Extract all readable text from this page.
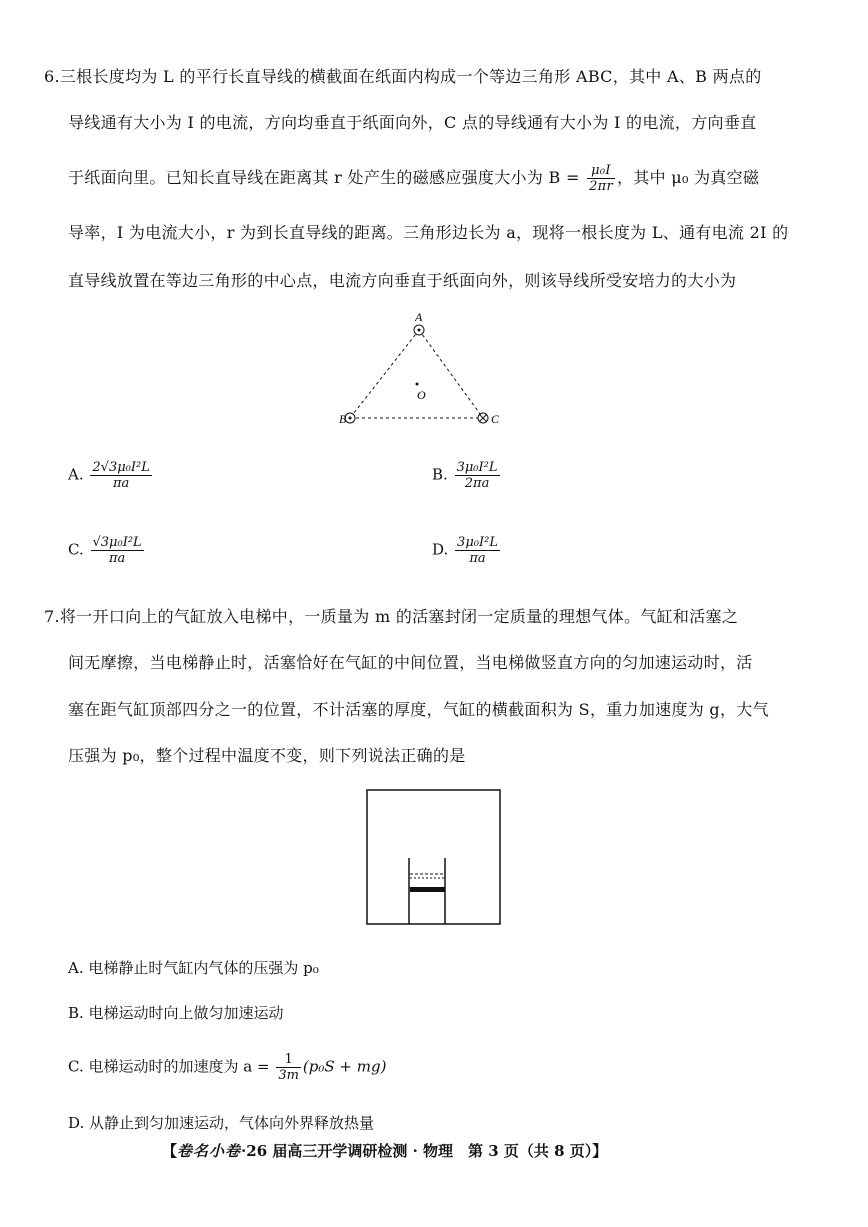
6.三根长度均为 L 的平行长直导线的横截面在纸面内构成一个等边三角形 ABC，其中 A、B 两点的
导线通有大小为 I 的电流，方向均垂直于纸面向外，C 点的导线通有大小为 I 的电流，方向垂直
于纸面向里。已知长直导线在距离其 r 处产生的磁感应强度大小为 $B = \frac{\text{μ₀I}}{2\pi r}$ ，其中 μ₀ 为真空磁
导率，I 为电流大小，r 为到长直导线的距离。三角形边长为 a，现将一根长度为 L、通有电流 2I 的
直导线放置在等边三角形的中心点，电流方向垂直于纸面向外，则该导线所受安培力的大小为
A
B	C
O
A. $\frac{\text{2√3μ₀I²L}}{\pi a}$	B. $\frac{\text{3μ₀I²L}}{2\pi a}$
C. $\frac{\text{√3μ₀I²L}}{\pi a}$	D. $\frac{\text{3μ₀I²L}}{\pi a}$
7.将一开口向上的气缸放入电梯中，一质量为 m 的活塞封闭一定质量的理想气体。气缸和活塞之
间无摩擦，当电梯静止时，活塞恰好在气缸的中间位置，当电梯做竖直方向的匀加速运动时，活
塞在距气缸顶部四分之一的位置，不计活塞的厚度，气缸的横截面积为 S，重力加速度为 g，大气
压强为 p₀，整个过程中温度不变，则下列说法正确的是
A. 电梯静止时气缸内气体的压强为 p₀
B. 电梯运动时向上做匀加速运动
C. 电梯运动时的加速度为 $a = \frac{1}{3m} (p_0S + mg)$
D. 从静止到匀加速运动，气体向外界释放热量
【卷名小卷·26 届高三开学调研检测 · 物理　第 3 页（共 8 页）】
